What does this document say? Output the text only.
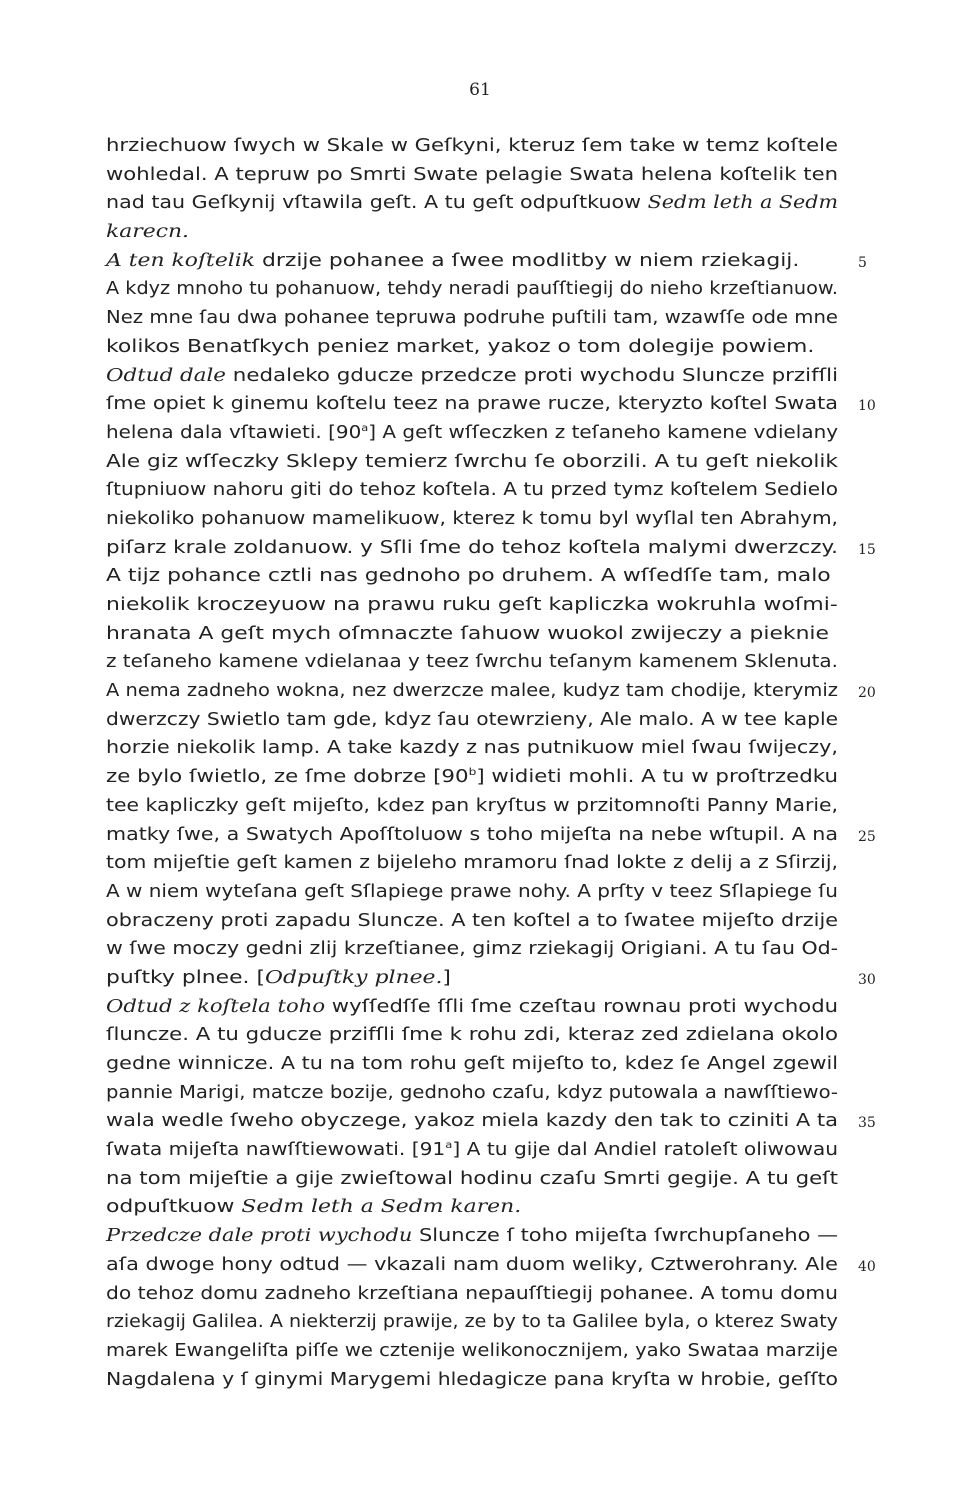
61
hrziechuow ſwych w Skale w Geſkyni, kteruz ſem take w temz koſtele
wohledal. A tepruw po Smrti Swate pelagie Swata helena koſtelik ten
nad tau Geſkynij vſtawila geſt. A tu geſt odpuſtkuow Sedm leth a Sedm
karecn.
A ten koſtelik drzije pohanee a ſwee modlitby w niem rziekagij.	5
A kdyz mnoho tu pohanuow, tehdy neradi pauſſtiegij do nieho krzeſtianuow.
Nez mne ſau dwa pohanee tepruwa podruhe puſtili tam, wzawſſe ode mne
kolikos Benatſkych peniez market, yakoz o tom dolegije powiem.
Odtud dale nedaleko gducze przedcze proti wychodu Sluncze przifſli
ſme opiet k ginemu koſtelu teez na prawe rucze, kteryzto koſtel Swata 10
helena dala vſtawieti. [90$^a$] A geſt wſſeczken z teſaneho kamene vdielany
Ale giz wſſeczky Sklepy temierz ſwrchu ſe oborzili. A tu geſt niekolik
ſtupniuow nahoru giti do tehoz koſtela. A tu przed tymz koſtelem Sedielo
niekoliko pohanuow mamelikuow, kterez k tomu byl wyſlal ten Abrahym,
piſarz krale zoldanuow. y Sſli ſme do tehoz koſtela malymi dwerzczy. 15
A tijz pohance cztli nas gednoho po druhem. A wſſedſſe tam, malo
niekolik kroczeyuow na prawu ruku geſt kapliczka wokruhla woſmi-
hranata A geſt mych oſmnaczte ſahuow wuokol zwijeczy a pieknie
z teſaneho kamene vdielanaa y teez ſwrchu teſanym kamenem Sklenuta.
A nema zadneho wokna, nez dwerzcze malee, kudyz tam chodije, kterymiz 20
dwerzczy Swietlo tam gde, kdyz ſau otewrzieny, Ale malo. A w tee kaple
horzie niekolik lamp. A take kazdy z nas putnikuow miel ſwau ſwijeczy,
ze bylo ſwietlo, ze ſme dobrze [90$^b$] widieti mohli. A tu w proſtrzedku
tee kapliczky geſt mijeſto, kdez pan kryſtus w przitomnoſti Panny Marie,
matky ſwe, a Swatych Apoſſtoluow s toho mijeſta na nebe wſtupil. A na 25
tom mijeſtie geſt kamen z bijeleho mramoru ſnad lokte z delij a z Sſirzij,
A w niem wyteſana geſt Sſlapiege prawe nohy. A prſty v teez Sſlapiege ſu
obraczeny proti zapadu Sluncze. A ten koſtel a to ſwatee mijeſto drzije
w ſwe moczy gedni zlij krzeſtianee, gimz rziekagij Origiani. A tu ſau Od-
puſtky plnee. [Odpuſtky plnee.]	30
Odtud z koſtela toho wyſſedſſe ſſli ſme czeſtau rownau proti wychodu
ſluncze. A tu gducze przifſli ſme k rohu zdi, kteraz zed zdielana okolo
gedne winnicze. A tu na tom rohu geſt mijeſto to, kdez ſe Angel zgewil
pannie Marigi, matcze bozije, gednoho czaſu, kdyz putowala a nawſſtiewo-
wala wedle ſweho obyczege, yakoz miela kazdy den tak to cziniti A ta 35
ſwata mijeſta nawſſtiewowati. [91$^a$] A tu gije dal Andiel ratoleſt oliwowau
na tom mijeſtie a gije zwieſtowal hodinu czaſu Smrti gegije. A tu geſt
odpuſtkuow Sedm leth a Sedm karen.
Przedcze dale proti wychodu Sluncze ſ toho mijeſta ſwrchupſaneho —
aſa dwoge hony odtud — vkazali nam duom weliky, Cztwerohrany. Ale 40
do tehoz domu zadneho krzeſtiana nepauſſtiegij pohanee. A tomu domu
rziekagij Galilea. A niekterzij prawije, ze by to ta Galilee byla, o kterez Swaty
marek Ewangeliſta piſſe we cztenije welikonocznijem, yako Swataa marzije
Nagdalena y ſ ginymi Marygemi hledagicze pana kryſta w hrobie, geſſto
